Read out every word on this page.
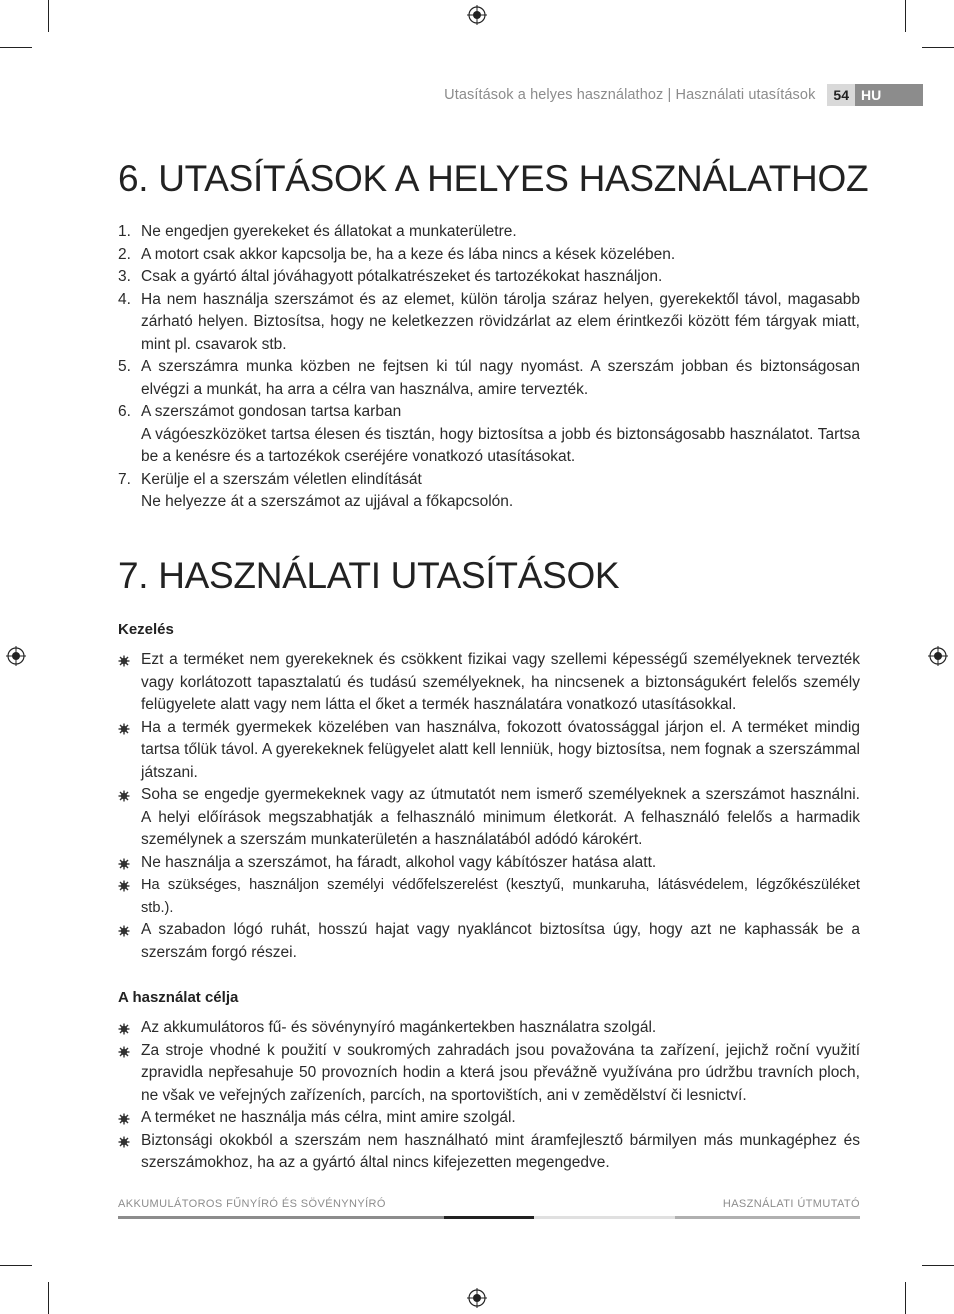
Utasítások a helyes használathoz | Használati utasítások	54 HU
6. UTASÍTÁSOK A HELYES HASZNÁLATHOZ
1. Ne engedjen gyerekeket és állatokat a munkaterületre.
2. A motort csak akkor kapcsolja be, ha a keze és lába nincs a kések közelében.
3. Csak a gyártó által jóváhagyott pótalkatrészeket és tartozékokat használjon.
4. Ha nem használja szerszámot és az elemet, külön tárolja száraz helyen, gyerekektől távol, magasabb zárható helyen. Biztosítsa, hogy ne keletkezzen rövidzárlat az elem érintkezői között fém tárgyak miatt, mint pl. csavarok stb.
5. A szerszámra munka közben ne fejtsen ki túl nagy nyomást. A szerszám jobban és biztonságosan elvégzi a munkát, ha arra a célra van használva, amire tervezték.
6. A szerszámot gondosan tartsa karban
A vágóeszközöket tartsa élesen és tisztán, hogy biztosítsa a jobb és biztonságosabb használatot. Tartsa be a kenésre és a tartozékok cseréjére vonatkozó utasításokat.
7. Kerülje el a szerszám véletlen elindítását
Ne helyezze át a szerszámot az ujjával a főkapcsolón.
7. HASZNÁLATI UTASÍTÁSOK
Kezelés
Ezt a terméket nem gyerekeknek és csökkent fizikai vagy szellemi képességű személyeknek tervezték vagy korlátozott tapasztalatú és tudású személyeknek, ha nincsenek a biztonságukért felelős személy felügyelete alatt vagy nem látta el őket a termék használatára vonatkozó utasításokkal.
Ha a termék gyermekek közelében van használva, fokozott óvatossággal járjon el. A terméket mindig tartsa tőlük távol. A gyerekeknek felügyelet alatt kell lenniük, hogy biztosítsa, nem fognak a szerszámmal játszani.
Soha se engedje gyermekeknek vagy az útmutatót nem ismerő személyeknek a szerszámot használni. A helyi előírások megszabhatják a felhasználó minimum életkorát. A felhasználó felelős a harmadik személynek a szerszám munkaterületén a használatából adódó károkért.
Ne használja a szerszámot, ha fáradt, alkohol vagy kábítószer hatása alatt.
Ha szükséges, használjon személyi védőfelszerelést (kesztyű, munkaruha, látásvédelem, légzőkészüléket stb.).
A szabadon lógó ruhát, hosszú hajat vagy nyakláncot biztosítsa úgy, hogy azt ne kaphassák be a szerszám forgó részei.
A használat célja
Az akkumulátoros fű- és sövénynyíró magánkertekben használatra szolgál.
Za stroje vhodné k použití v soukromých zahradách jsou považována ta zařízení, jejichž roční využití zpravidla nepřesahuje 50 provozních hodin a která jsou převážně využívána pro údržbu travních ploch, ne však ve veřejných zařízeních, parcích, na sportovištích, ani v zemědělství či lesnictví.
A terméket ne használja más célra, mint amire szolgál.
Biztonsági okokból a szerszám nem használható mint áramfejlesztő bármilyen más munkagéphez és szerszámokhoz, ha az a gyártó által nincs kifejezetten megengedve.
AKKUMULÁTOROS FŰNYÍRÓ ÉS SÖVÉNYNYÍRÓ	HASZNÁLATI ÚTMUTATÓ
